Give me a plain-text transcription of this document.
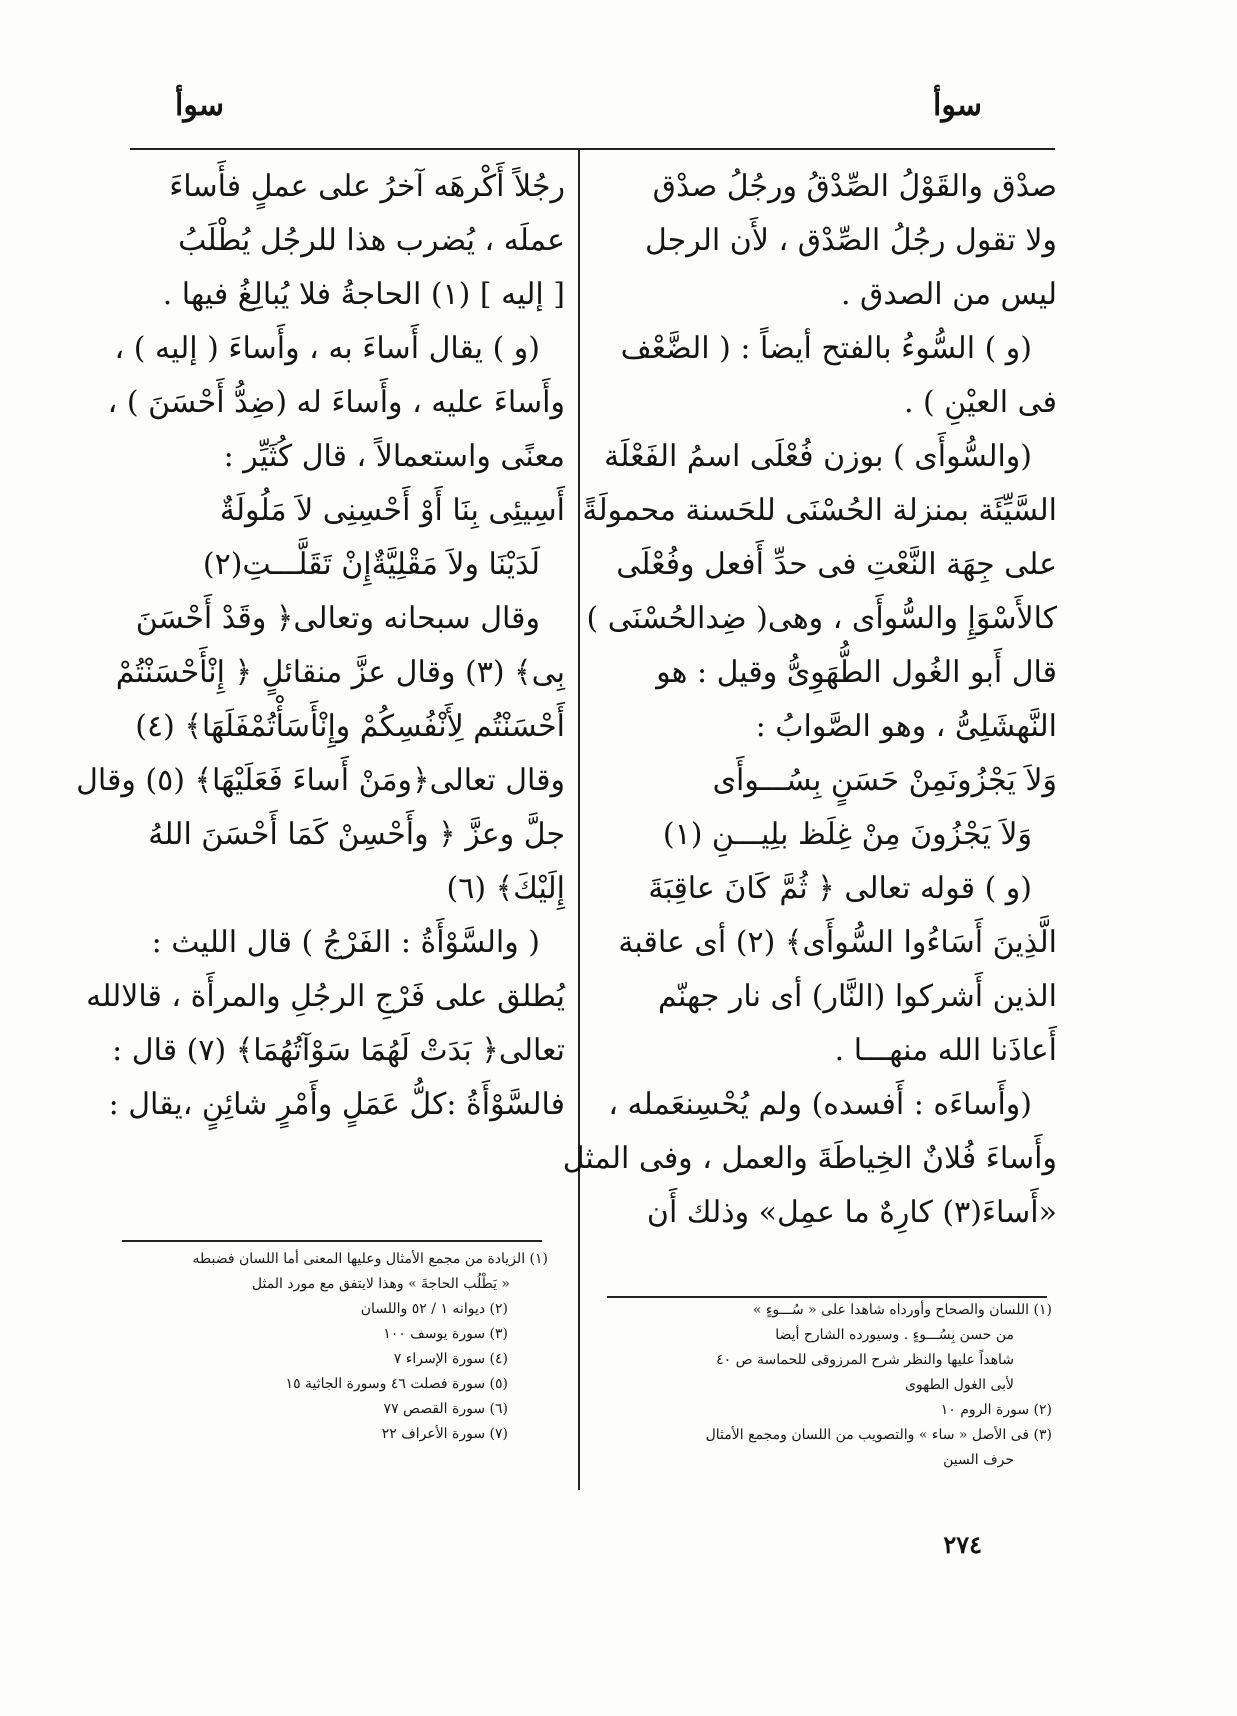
سوأ
سوأ
صدْق والقَوْلُ الصِّدْقُ ورجُلُ صدْق
ولا تقول رجُلُ الصِّدْق ، لأَن الرجل
ليس من الصدق .
(و ) السُّوءُ بالفتح أيضاً : ( الضَّعْف
فى العيْنِ ) .
(والسُّوأَى ) بوزن فُعْلَى اسمُ الفَعْلَة
السَّيِّئَة بمنزلة الحُسْنَى للحَسنة محمولَةً
على جِهَة النَّعْتِ فى حدِّ أَفعل وفُعْلَى
كالأَسْوَإِ والسُّوأَى ، وهى( ضِدالحُسْنَى )
قال أَبو الغُول الطُّهَوِىُّ وقيل : هو
النَّهشَلِىُّ ، وهو الصَّوابُ :
وَلاَ يَجْزُونَمِنْ حَسَنٍ بِسُـــوأَى
وَلاَ يَجْزُونَ مِنْ غِلَظ بلِيـــنِ (١)
(و ) قوله تعالى ﴿ ثُمَّ كَانَ عاقِبَةَ
الَّذِينَ أَسَاءُوا السُّوأَى﴾ (٢) أى عاقبة
الذين أَشركوا (النَّار) أى نار جهنّم
أَعاذَنا الله منهـــا .
(وأَساءَه : أَفسده) ولم يُحْسِنعَمله ،
وأَساءَ فُلانٌ الخِياطَةَ والعمل ، وفى المثل
«أَساءَ(٣) كارِهٌ ما عمِل» وذلك أَن
(١) اللسان والصحاح وأورداه شاهدا على « سُـــوءٍ »
من حسن بِسُـــوءٍ . وسيورده الشارح أيضا
شاهداً عليها والنظر شرح المرزوقى للحماسة ص ٤٠
لأبى الغول الطهوى
(٢) سورة الروم ١٠
(٣) فى الأصل « ساء » والتصويب من اللسان ومجمع الأمثال
حرف السين
رجُلاً أَكْرهَه آخرُ على عملٍ فأَساءَ
عملَه ، يُضرب هذا للرجُل يُطْلَبُ
[ إليه ] (١) الحاجةُ فلا يُبالِغُ فيها .
(و ) يقال أَساءَ به ، وأَساءَ ( إليه ) ،
وأَساءَ عليه ، وأَساءَ له (ضِدُّ أَحْسَنَ ) ،
معنًى واستعمالاً ، قال كُثَيِّر :
أَسِيئِى بِنَا أَوْ أَحْسِنِى لاَ مَلُولَةٌ
لَدَيْنَا ولاَ مَقْلِيَّةٌإِنْ تَقَلَّـــتِ(٢)
وقال سبحانه وتعالى﴿ وقَدْ أَحْسَنَ
بِى﴾ (٣) وقال عزَّ منقائلٍ ﴿ إِنْأَحْسَنْتُمْ
أَحْسَنْتُم لِأَنْفُسِكُمْ وإِنْأَسَأْتُمْفَلَهَا﴾ (٤)
وقال تعالى﴿ومَنْ أَساءَ فَعَلَيْهَا﴾ (٥) وقال
جلَّ وعزَّ ﴿ وأَحْسِنْ كَمَا أَحْسَنَ اللهُ
إِلَيْكَ﴾ (٦)
( والسَّوْأَةُ : الفَرْجُ ) قال الليث :
يُطلق على فَرْجِ الرجُلِ والمرأَة ، قالالله
تعالى﴿ بَدَتْ لَهُمَا سَوْآتُهُمَا﴾ (٧) قال :
فالسَّوْأَةُ :كلُّ عَمَلٍ وأَمْرٍ شائِنٍ ،يقال :
(١) الزيادة من مجمع الأمثال وعليها المعنى أما اللسان فضبطه
« يَطْلُب الحاجةَ » وهذا لايتفق مع مورد المثل
(٢) ديوانه ١ / ٥٢ واللسان
(٣) سورة يوسف ١٠٠
(٤) سورة الإسراء ٧
(٥) سورة فصلت ٤٦ وسورة الجاثية ١٥
(٦) سورة القصص ٧٧
(٧) سورة الأعراف ٢٢
٢٧٤
